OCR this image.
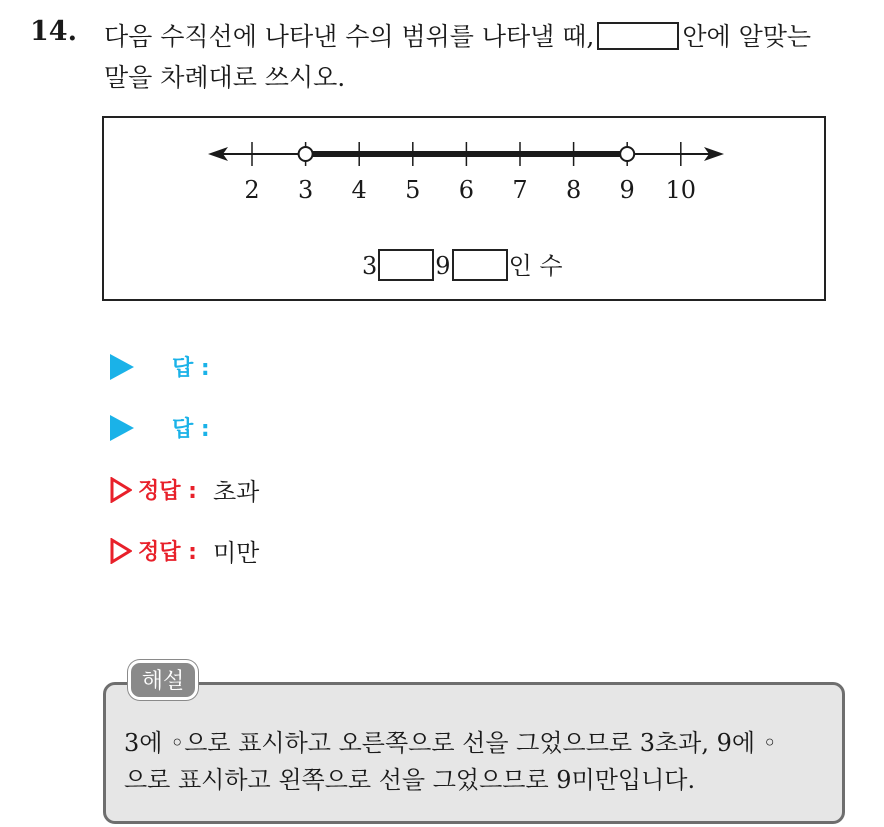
14. 다음 수직선에 나타낸 수의 범위를 나타낼 때,	안에 알맞는
말을 차례대로 쓰시오.
2 3 4 5 6 7 8 9 10
3 9 인 수
답 :
답 :
정답 : 초과
정답 : 미만
해설
3에 ◦으로 표시하고 오른쪽으로 선을 그었으므로 3초과, 9에 ◦
으로 표시하고 왼쪽으로 선을 그었으므로 9미만입니다.
